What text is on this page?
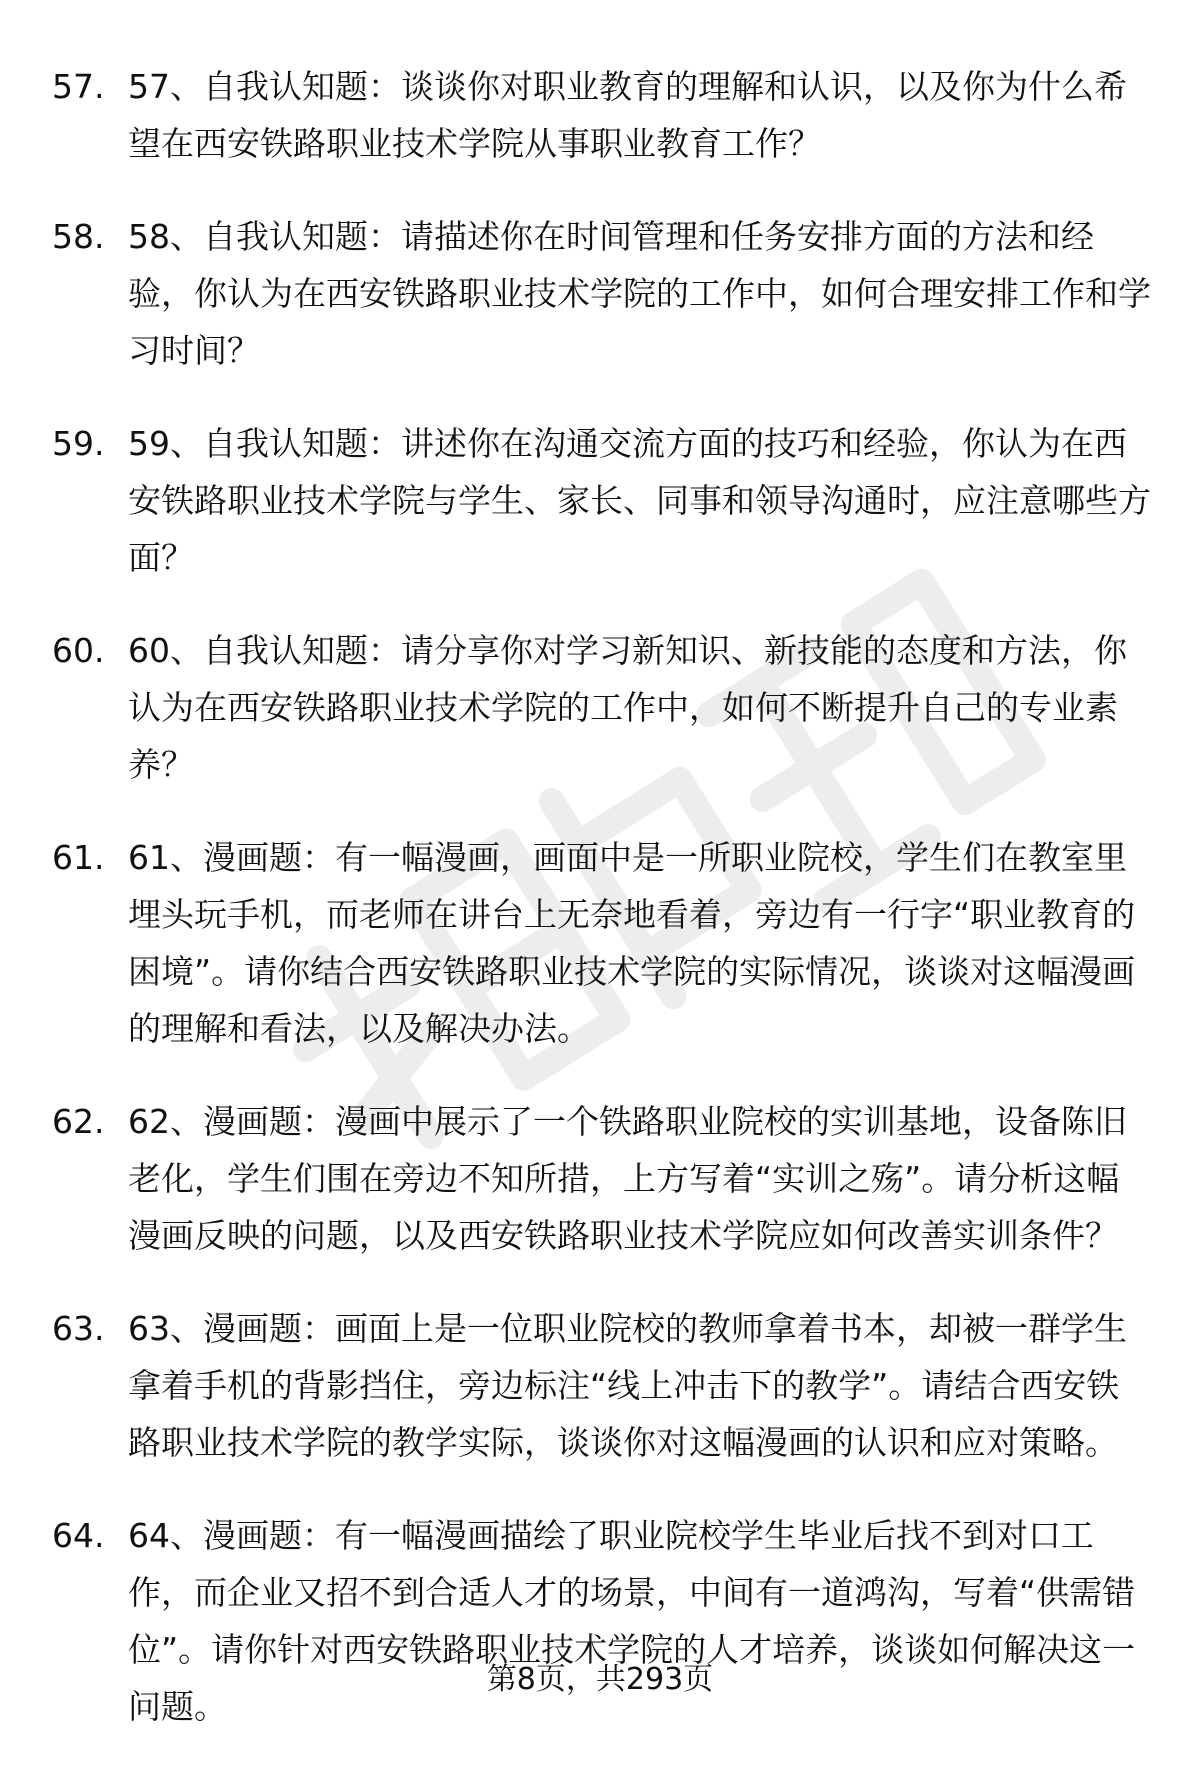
57. 57、自我认知题：谈谈你对职业教育的理解和认识，以及你为什么希望在西安铁路职业技术学院从事职业教育工作？
58. 58、自我认知题：请描述你在时间管理和任务安排方面的方法和经验，你认为在西安铁路职业技术学院的工作中，如何合理安排工作和学习时间？
59. 59、自我认知题：讲述你在沟通交流方面的技巧和经验，你认为在西安铁路职业技术学院与学生、家长、同事和领导沟通时，应注意哪些方面？
60. 60、自我认知题：请分享你对学习新知识、新技能的态度和方法，你认为在西安铁路职业技术学院的工作中，如何不断提升自己的专业素养？
61. 61、漫画题：有一幅漫画，画面中是一所职业院校，学生们在教室里埋头玩手机，而老师在讲台上无奈地看着，旁边有一行字“职业教育的困境”。请你结合西安铁路职业技术学院的实际情况，谈谈对这幅漫画的理解和看法，以及解决办法。
62. 62、漫画题：漫画中展示了一个铁路职业院校的实训基地，设备陈旧老化，学生们围在旁边不知所措，上方写着“实训之殇”。请分析这幅漫画反映的问题，以及西安铁路职业技术学院应如何改善实训条件？
63. 63、漫画题：画面上是一位职业院校的教师拿着书本，却被一群学生拿着手机的背影挡住，旁边标注“线上冲击下的教学”。请结合西安铁路职业技术学院的教学实际，谈谈你对这幅漫画的认识和应对策略。
64. 64、漫画题：有一幅漫画描绘了职业院校学生毕业后找不到对口工作，而企业又招不到合适人才的场景，中间有一道鸿沟，写着“供需错位”。请你针对西安铁路职业技术学院的人才培养，谈谈如何解决这一问题。
第8页，共293页
